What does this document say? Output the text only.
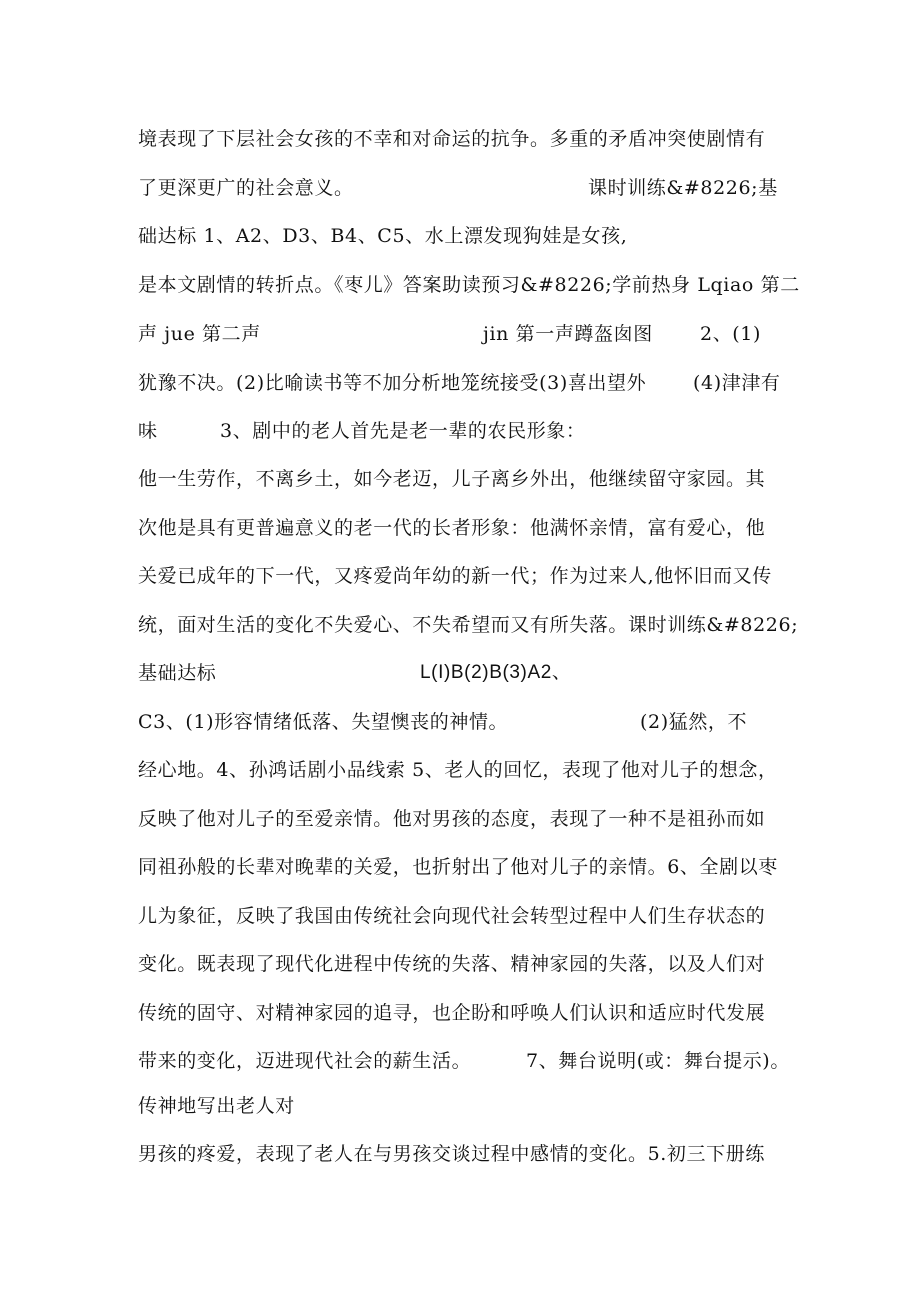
境表现了下层社会女孩的不幸和对命运的抗争。多重的矛盾冲突使剧情有
了更深更广的社会意义。	课时训练&#8226;基
础达标 1、A2、D3、B4、C5、水上漂发现狗娃是女孩,
是本文剧情的转折点。《枣儿》答案助读预习&#8226;学前热身 Lqiao 第二
声 jue 第二声	jin 第一声蹲盔囱图 2、(1)
犹豫不决。(2)比喻读书等不加分析地笼统接受(3)喜出望外 (4)津津有
味	3、剧中的老人首先是老一辈的农民形象：
他一生劳作，不离乡土，如今老迈，儿子离乡外出，他继续留守家园。其
次他是具有更普遍意义的老一代的长者形象：他满怀亲情，富有爱心，他
关爱已成年的下一代，又疼爱尚年幼的新一代；作为过来人,他怀旧而又传
统，面对生活的变化不失爱心、不失希望而又有所失落。课时训练&#8226;
基础达标	L(I)B(2)B(3)A2、
C3、(1)形容情绪低落、失望懊丧的神情。	(2)猛然，不
经心地。4、孙鸿话剧小品线索 5、老人的回忆，表现了他对儿子的想念，
反映了他对儿子的至爱亲情。他对男孩的态度，表现了一种不是祖孙而如
同祖孙般的长辈对晚辈的关爱，也折射出了他对儿子的亲情。6、全剧以枣
儿为象征，反映了我国由传统社会向现代社会转型过程中人们生存状态的
变化。既表现了现代化进程中传统的失落、精神家园的失落，以及人们对
传统的固守、对精神家园的追寻，也企盼和呼唤人们认识和适应时代发展
带来的变化，迈进现代社会的薪生活。	7、舞台说明(或：舞台提示)。
传神地写出老人对
男孩的疼爱，表现了老人在与男孩交谈过程中感情的变化。5.初三下册练
